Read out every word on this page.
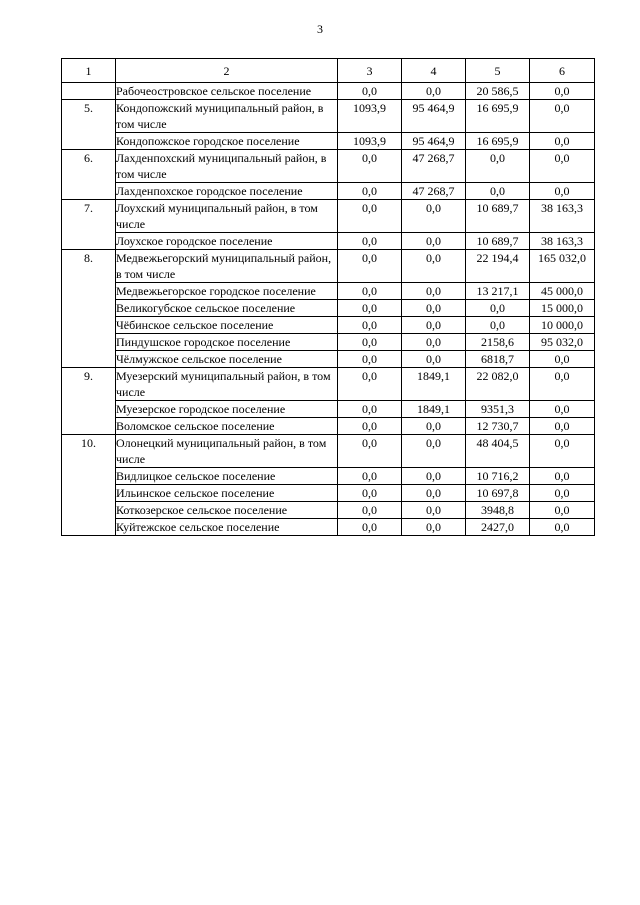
3
1	2	3	4	5	6
	Рабочеостровское сельское поселение	0,0	0,0	20 586,5	0,0
5.	Кондопожский муниципальный район, в том числе	1093,9	95 464,9	16 695,9	0,0
	Кондопожское городское поселение	1093,9	95 464,9	16 695,9	0,0
6.	Лахденпохский муниципальный район, в том числе	0,0	47 268,7	0,0	0,0
	Лахденпохское городское поселение	0,0	47 268,7	0,0	0,0
7.	Лоухский муниципальный район, в том числе	0,0	0,0	10 689,7	38 163,3
	Лоухское городское поселение	0,0	0,0	10 689,7	38 163,3
8.	Медвежьегорский муниципальный район, в том числе	0,0	0,0	22 194,4	165 032,0
	Медвежьегорское городское поселение	0,0	0,0	13 217,1	45 000,0
	Великогубское сельское поселение	0,0	0,0	0,0	15 000,0
	Чёбинское сельское поселение	0,0	0,0	0,0	10 000,0
	Пиндушское городское поселение	0,0	0,0	2158,6	95 032,0
	Чёлмужское сельское поселение	0,0	0,0	6818,7	0,0
9.	Муезерский муниципальный район, в том числе	0,0	1849,1	22 082,0	0,0
	Муезерское городское поселение	0,0	1849,1	9351,3	0,0
	Воломское сельское поселение	0,0	0,0	12 730,7	0,0
10.	Олонецкий муниципальный район, в том числе	0,0	0,0	48 404,5	0,0
	Видлицкое сельское поселение	0,0	0,0	10 716,2	0,0
	Ильинское сельское поселение	0,0	0,0	10 697,8	0,0
	Коткозерское сельское поселение	0,0	0,0	3948,8	0,0
	Куйтежское сельское поселение	0,0	0,0	2427,0	0,0
